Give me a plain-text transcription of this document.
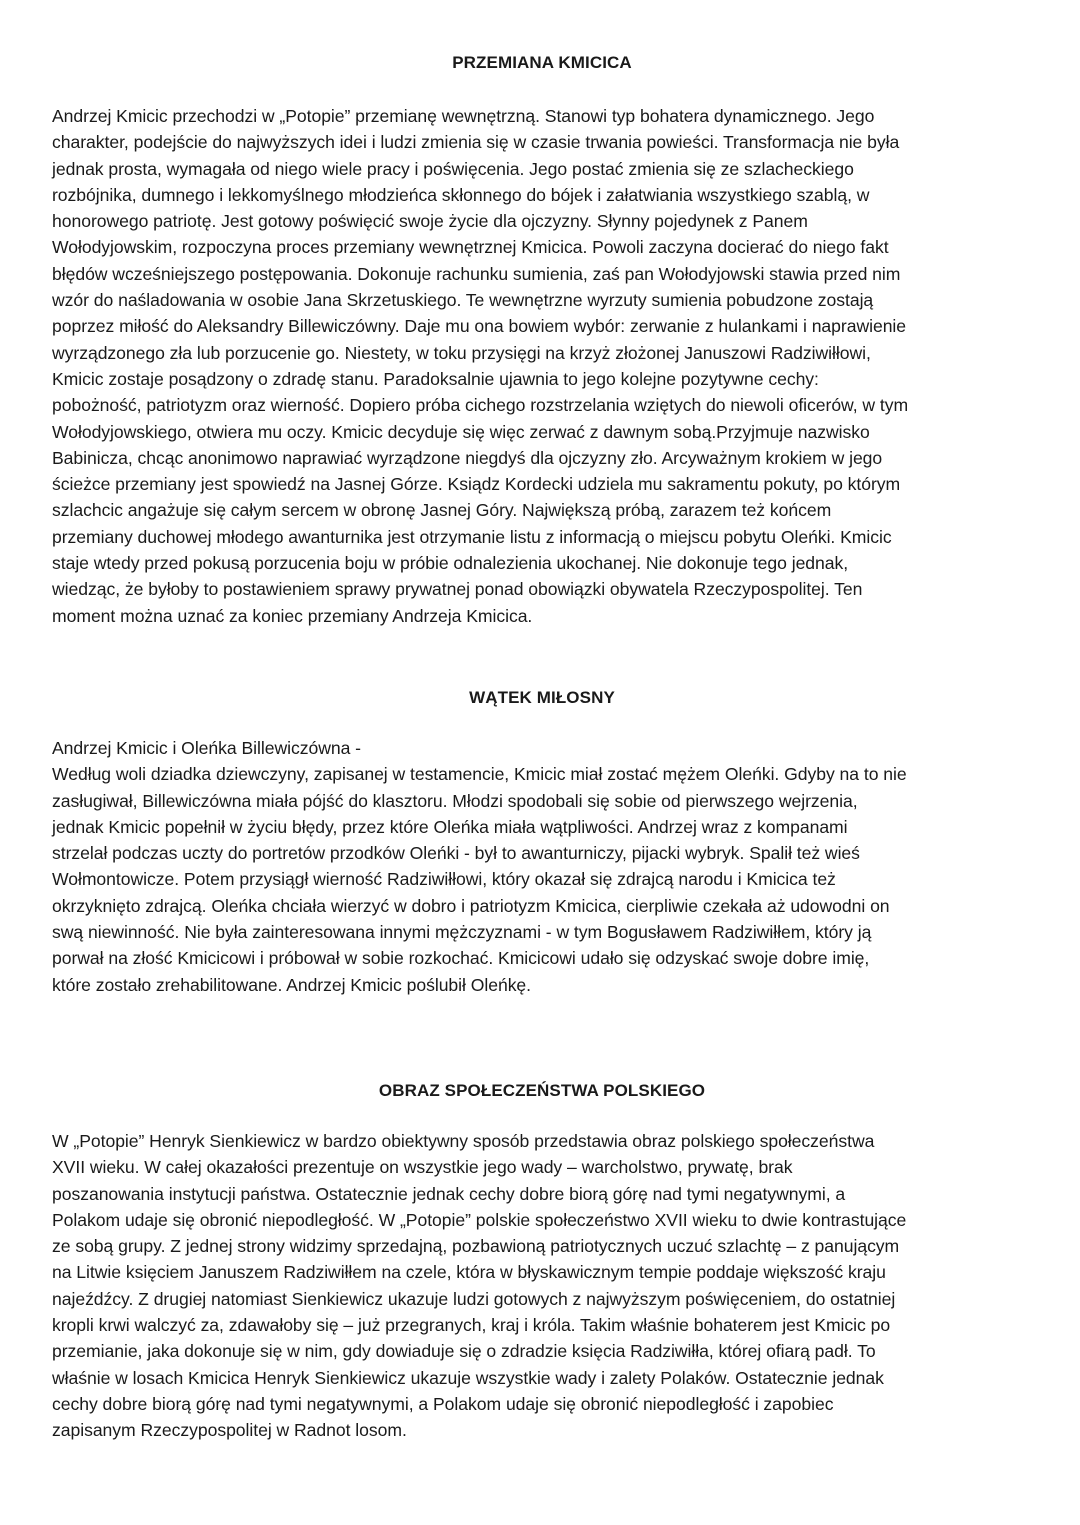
PRZEMIANA KMICICA
Andrzej Kmicic przechodzi w „Potopie” przemianę wewnętrzną. Stanowi typ bohatera dynamicznego. Jego
charakter, podejście do najwyższych idei i ludzi zmienia się w czasie trwania powieści. Transformacja nie była
jednak prosta, wymagała od niego wiele pracy i poświęcenia. Jego postać zmienia się ze szlacheckiego
rozbójnika, dumnego i lekkomyślnego młodzieńca skłonnego do bójek i załatwiania wszystkiego szablą, w
honorowego patriotę. Jest gotowy poświęcić swoje życie dla ojczyzny. Słynny pojedynek z Panem
Wołodyjowskim, rozpoczyna proces przemiany wewnętrznej Kmicica. Powoli zaczyna docierać do niego fakt
błędów wcześniejszego postępowania. Dokonuje rachunku sumienia, zaś pan Wołodyjowski stawia przed nim
wzór do naśladowania w osobie Jana Skrzetuskiego. Te wewnętrzne wyrzuty sumienia pobudzone zostają
poprzez miłość do Aleksandry Billewiczówny. Daje mu ona bowiem wybór: zerwanie z hulankami i naprawienie
wyrządzonego zła lub porzucenie go. Niestety, w toku przysięgi na krzyż złożonej Januszowi Radziwiłłowi,
Kmicic zostaje posądzony o zdradę stanu. Paradoksalnie ujawnia to jego kolejne pozytywne cechy:
pobożność, patriotyzm oraz wierność. Dopiero próba cichego rozstrzelania wziętych do niewoli oficerów, w tym
Wołodyjowskiego, otwiera mu oczy. Kmicic decyduje się więc zerwać z dawnym sobą.Przyjmuje nazwisko
Babinicza, chcąc anonimowo naprawiać wyrządzone niegdyś dla ojczyzny zło. Arcyważnym krokiem w jego
ścieżce przemiany jest spowiedź na Jasnej Górze. Ksiądz Kordecki udziela mu sakramentu pokuty, po którym
szlachcic angażuje się całym sercem w obronę Jasnej Góry. Największą próbą, zarazem też końcem
przemiany duchowej młodego awanturnika jest otrzymanie listu z informacją o miejscu pobytu Oleńki. Kmicic
staje wtedy przed pokusą porzucenia boju w próbie odnalezienia ukochanej. Nie dokonuje tego jednak,
wiedząc, że byłoby to postawieniem sprawy prywatnej ponad obowiązki obywatela Rzeczypospolitej. Ten
moment można uznać za koniec przemiany Andrzeja Kmicica.
WĄTEK MIŁOSNY
Andrzej Kmicic i Oleńka Billewiczówna -
Według woli dziadka dziewczyny, zapisanej w testamencie, Kmicic miał zostać mężem Oleńki. Gdyby na to nie
zasługiwał, Billewiczówna miała pójść do klasztoru. Młodzi spodobali się sobie od pierwszego wejrzenia,
jednak Kmicic popełnił w życiu błędy, przez które Oleńka miała wątpliwości. Andrzej wraz z kompanami
strzelał podczas uczty do portretów przodków Oleńki - był to awanturniczy, pijacki wybryk. Spalił też wieś
Wołmontowicze. Potem przysiągł wierność Radziwiłłowi, który okazał się zdrajcą narodu i Kmicica też
okrzyknięto zdrajcą. Oleńka chciała wierzyć w dobro i patriotyzm Kmicica, cierpliwie czekała aż udowodni on
swą niewinność. Nie była zainteresowana innymi mężczyznami - w tym Bogusławem Radziwiłłem, który ją
porwał na złość Kmicicowi i próbował w sobie rozkochać. Kmicicowi udało się odzyskać swoje dobre imię,
które zostało zrehabilitowane. Andrzej Kmicic poślubił Oleńkę.
OBRAZ SPOŁECZEŃSTWA POLSKIEGO
W „Potopie” Henryk Sienkiewicz w bardzo obiektywny sposób przedstawia obraz polskiego społeczeństwa
XVII wieku. W całej okazałości prezentuje on wszystkie jego wady – warcholstwo, prywatę, brak
poszanowania instytucji państwa. Ostatecznie jednak cechy dobre biorą górę nad tymi negatywnymi, a
Polakom udaje się obronić niepodległość. W „Potopie” polskie społeczeństwo XVII wieku to dwie kontrastujące
ze sobą grupy. Z jednej strony widzimy sprzedajną, pozbawioną patriotycznych uczuć szlachtę – z panującym
na Litwie księciem Januszem Radziwiłłem na czele, która w błyskawicznym tempie poddaje większość kraju
najeźdźcy. Z drugiej natomiast Sienkiewicz ukazuje ludzi gotowych z najwyższym poświęceniem, do ostatniej
kropli krwi walczyć za, zdawałoby się – już przegranych, kraj i króla. Takim właśnie bohaterem jest Kmicic po
przemianie, jaka dokonuje się w nim, gdy dowiaduje się o zdradzie księcia Radziwiłła, której ofiarą padł. To
właśnie w losach Kmicica Henryk Sienkiewicz ukazuje wszystkie wady i zalety Polaków. Ostatecznie jednak
cechy dobre biorą górę nad tymi negatywnymi, a Polakom udaje się obronić niepodległość i zapobiec
zapisanym Rzeczypospolitej w Radnot losom.
